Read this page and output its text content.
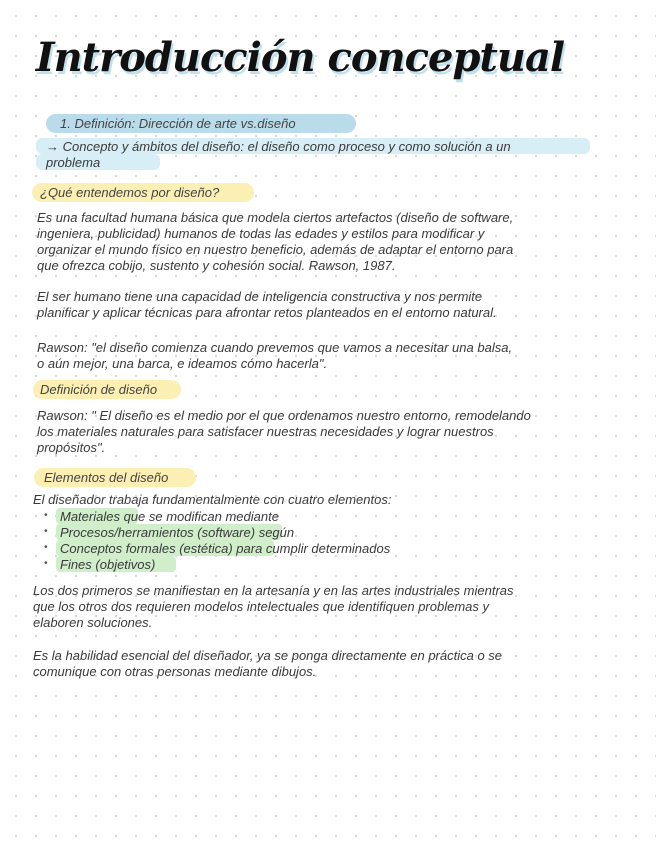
Introducción conceptual
1. Definición: Dirección de arte vs.diseño
→ Concepto y ámbitos del diseño: el diseño como proceso y como solución a un
problema
¿Qué entendemos por diseño?
Es una facultad humana básica que modela ciertos artefactos (diseño de software,
ingeniera, publicidad) humanos de todas las edades y estilos para modificar y
organizar el mundo físico en nuestro beneficio, además de adaptar el entorno para
que ofrezca cobijo, sustento y cohesión social. Rawson, 1987.
El ser humano tiene una capacidad de inteligencia constructiva y nos permite
planificar y aplicar técnicas para afrontar retos planteados en el entorno natural.
Rawson: "el diseño comienza cuando prevemos que vamos a necesitar una balsa,
o aún mejor, una barca, e ideamos cómo hacerla".
Definición de diseño
Rawson: " El diseño es el medio por el que ordenamos nuestro entorno, remodelando
los materiales naturales para satisfacer nuestras necesidades y lograr nuestros
propósitos".
Elementos del diseño
El diseñador trabaja fundamentalmente con cuatro elementos:
•
•
•
•
Materiales que se modifican mediante
Procesos/herramientos (software) según
Conceptos formales (estética) para cumplir determinados
Fines (objetivos)
Los dos primeros se manifiestan en la artesanía y en las artes industriales mientras
que los otros dos requieren modelos intelectuales que identifiquen problemas y
elaboren soluciones.
Es la habilidad esencial del diseñador, ya se ponga directamente en práctica o se
comunique con otras personas mediante dibujos.
